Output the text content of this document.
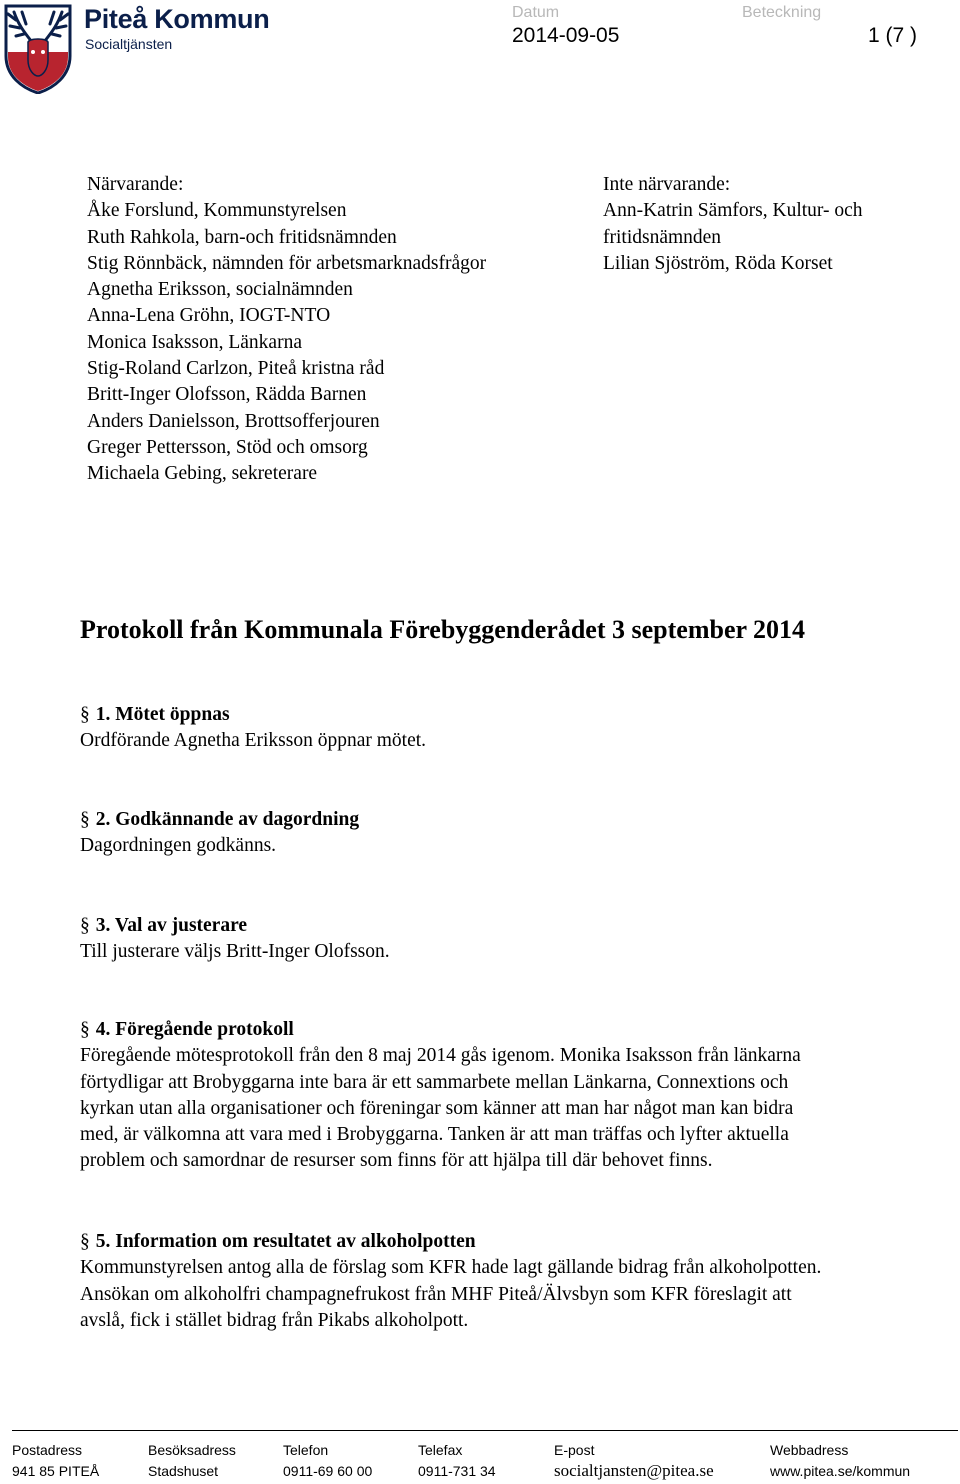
Piteå Kommun
Socialtjänsten
Datum	Beteckning
2014-09-05	1 (7 )
Närvarande:
Åke Forslund, Kommunstyrelsen
Ruth Rahkola, barn-och fritidsnämnden
Stig Rönnbäck, nämnden för arbetsmarknadsfrågor
Agnetha Eriksson, socialnämnden
Anna-Lena Gröhn, IOGT-NTO
Monica Isaksson, Länkarna
Stig-Roland Carlzon, Piteå kristna råd
Britt-Inger Olofsson, Rädda Barnen
Anders Danielsson, Brottsofferjouren
Greger Pettersson, Stöd och omsorg
Michaela Gebing, sekreterare
Inte närvarande:
Ann-Katrin Sämfors, Kultur- och
fritidsnämnden
Lilian Sjöström, Röda Korset
Protokoll från Kommunala Förebyggenderådet 3 september 2014
§ 1. Mötet öppnas
Ordförande Agnetha Eriksson öppnar mötet.
§ 2. Godkännande av dagordning
Dagordningen godkänns.
§ 3. Val av justerare
Till justerare väljs Britt-Inger Olofsson.
§ 4. Föregående protokoll
Föregående mötesprotokoll från den 8 maj 2014 gås igenom. Monika Isaksson från länkarna
förtydligar att Brobyggarna inte bara är ett sammarbete mellan Länkarna, Connextions och
kyrkan utan alla organisationer och föreningar som känner att man har något man kan bidra
med, är välkomna att vara med i Brobyggarna. Tanken är att man träffas och lyfter aktuella
problem och samordnar de resurser som finns för att hjälpa till där behovet finns.
§ 5. Information om resultatet av alkoholpotten
Kommunstyrelsen antog alla de förslag som KFR hade lagt gällande bidrag från alkoholpotten.
Ansökan om alkoholfri champagnefrukost från MHF Piteå/Älvsbyn som KFR föreslagit att
avslå, fick i stället bidrag från Pikabs alkoholpott.
Postadress
941 85 PITEÅ
Besöksadress
Stadshuset
Telefon
0911-69 60 00
Telefax
0911-731 34
E-post
socialtjansten@pitea.se
Webbadress
www.pitea.se/kommun
